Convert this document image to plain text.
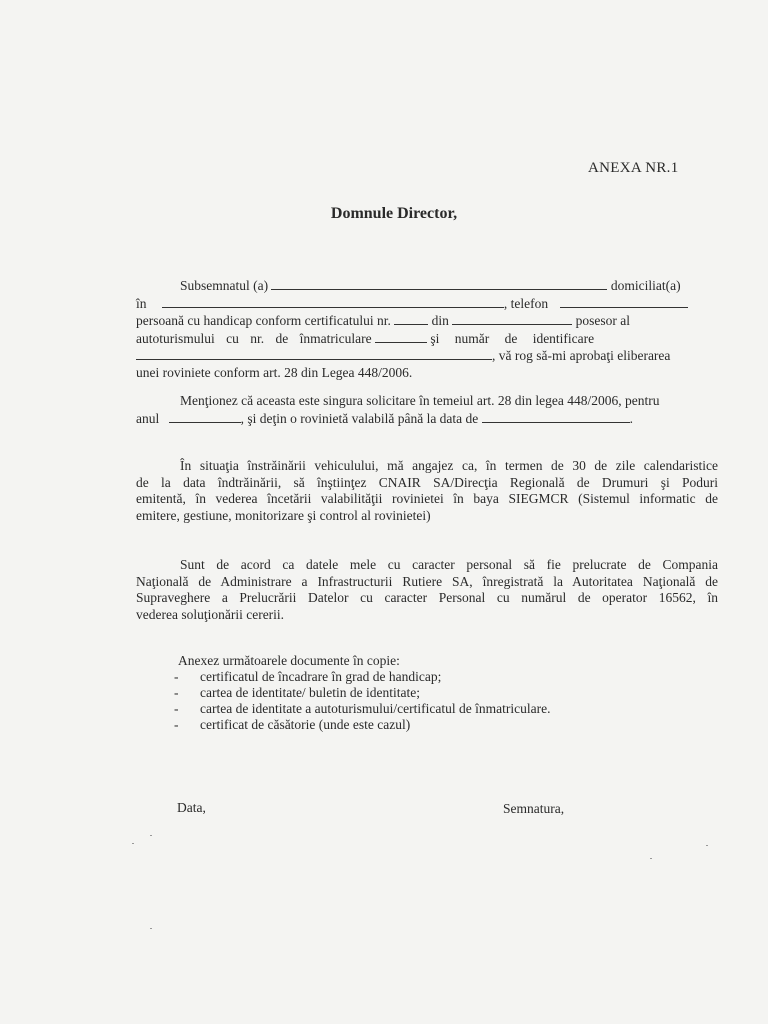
ANEXA NR.1
Domnule Director,
Subsemnatul (a)	domiciliat(a)
în	, telefon
persoană cu handicap conform certificatului nr.	din	posesor al
autoturismului cu nr. de înmatriculare	şi număr de identificare
, vă rog să-mi aprobaţi eliberarea
unei roviniete conform art. 28 din Legea 448/2006.
Menţionez că aceasta este singura solicitare în temeiul art. 28 din legea 448/2006, pentru
anul	, şi deţin o rovinietă valabilă până la data de	.
În situaţia înstrăinării vehiculului, mă angajez ca, în termen de 30 de zile calendaristice
de la data îndtrăinării, să înştiinţez CNAIR SA/Direcţia Regională de Drumuri şi Poduri
emitentă, în vederea încetării valabilităţii rovinietei în baya SIEGMCR (Sistemul informatic de
emitere, gestiune, monitorizare şi control al rovinietei)
Sunt de acord ca datele mele cu caracter personal să fie prelucrate de Compania
Naţională de Administrare a Infrastructurii Rutiere SA, înregistrată la Autoritatea Naţională de
Supraveghere a Prelucrării Datelor cu caracter Personal cu numărul de operator 16562, în
vederea soluţionării cererii.
Anexez următoarele documente în copie:
- certificatul de încadrare în grad de handicap;
- cartea de identitate/ buletin de identitate;
- cartea de identitate a autoturismului/certificatul de înmatriculare.
- certificat de căsătorie (unde este cazul)
Data,	Semnatura,
